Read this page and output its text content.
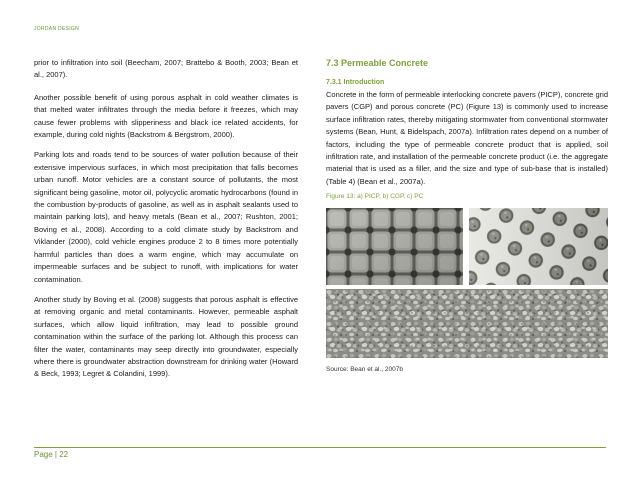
JORDAN DESIGN

prior to infiltration into soil (Beecham, 2007; Brattebo & Booth, 2003; Bean et al., 2007).

Another possible benefit of using porous asphalt in cold weather climates is that melted water infiltrates through the media before it freezes, which may cause fewer problems with slipperiness and black ice related accidents, for example, during cold nights (Backstrom & Bergstrom, 2000).

Parking lots and roads tend to be sources of water pollution because of their extensive impervious surfaces, in which most precipitation that falls becomes urban runoff. Motor vehicles are a constant source of pollutants, the most significant being gasoline, motor oil, polycyclic aromatic hydrocarbons (found in the combustion by-products of gasoline, as well as in asphalt sealants used to maintain parking lots), and heavy metals (Bean et al., 2007; Rushton, 2001; Boving et al., 2008). According to a cold climate study by Backstrom and Viklander (2000), cold vehicle engines produce 2 to 8 times more potentially harmful particles than does a warm engine, which may accumulate on impermeable surfaces and be subject to runoff, with implications for water contamination.

Another study by Boving et al. (2008) suggests that porous asphalt is effective at removing organic and metal contaminants. However, permeable asphalt surfaces, which allow liquid infiltration, may lead to possible ground contamination within the surface of the parking lot. Although this process can filter the water, contaminants may seep directly into groundwater, especially where there is groundwater abstraction downstream for drinking water (Howard & Beck, 1993; Legret & Colandini, 1999).

7.3 Permeable Concrete
7.3.1 Introduction

Concrete in the form of permeable interlocking concrete pavers (PICP), concrete grid pavers (CGP) and porous concrete (PC) (Figure 13) is commonly used to increase surface infiltration rates, thereby mitigating stormwater from conventional stormwater systems (Bean, Hunt, & Bidelspach, 2007a). Infiltration rates depend on a number of factors, including the type of permeable concrete product that is applied, soil infiltration rate, and installation of the permeable concrete product (i.e. the aggregate material that is used as a filler, and the size and type of sub-base that is installed) (Table 4) (Bean et al., 2007a).

Figure 13: a) PICP, b) CGP, c) PC
Source: Bean et al., 2007b
Page | 22
